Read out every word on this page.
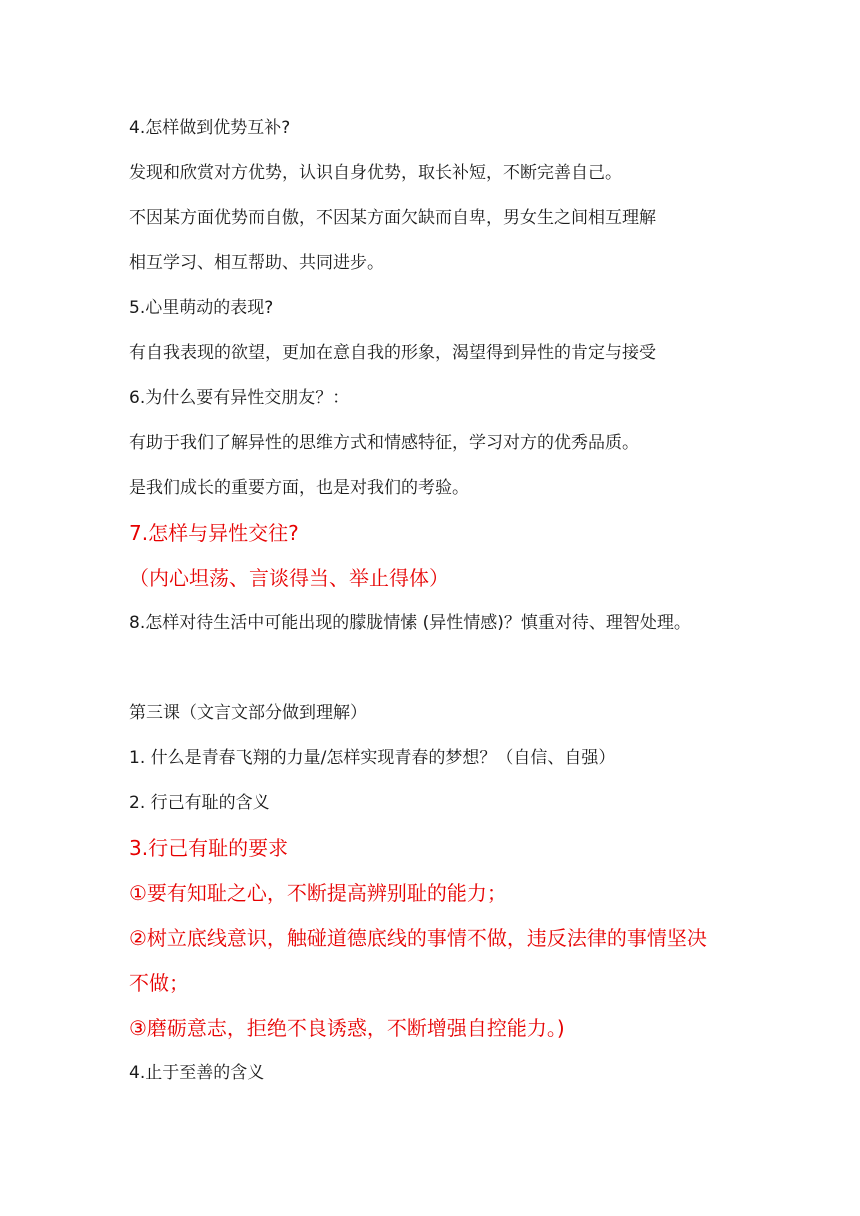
4.怎样做到优势互补?
发现和欣赏对方优势，认识自身优势，取长补短，不断完善自己。
不因某方面优势而自傲，不因某方面欠缺而自卑，男女生之间相互理解
相互学习、相互帮助、共同进步。
5.心里萌动的表现?
有自我表现的欲望，更加在意自我的形象，渴望得到异性的肯定与接受
6.为什么要有异性交朋友？：
有助于我们了解异性的思维方式和情感特征，学习对方的优秀品质。
是我们成长的重要方面，也是对我们的考验。
7.怎样与异性交往?
（内心坦荡、言谈得当、举止得体）
8.怎样对待生活中可能出现的朦胧情愫 (异性情感)？慎重对待、理智处理。
第三课（文言文部分做到理解）
1. 什么是青春飞翔的力量/怎样实现青春的梦想？（自信、自强）
2. 行己有耻的含义
3.行己有耻的要求
①要有知耻之心，不断提高辨别耻的能力；
②树立底线意识，触碰道德底线的事情不做，违反法律的事情坚决
不做；
③磨砺意志，拒绝不良诱惑，不断增强自控能力。)
4.止于至善的含义
